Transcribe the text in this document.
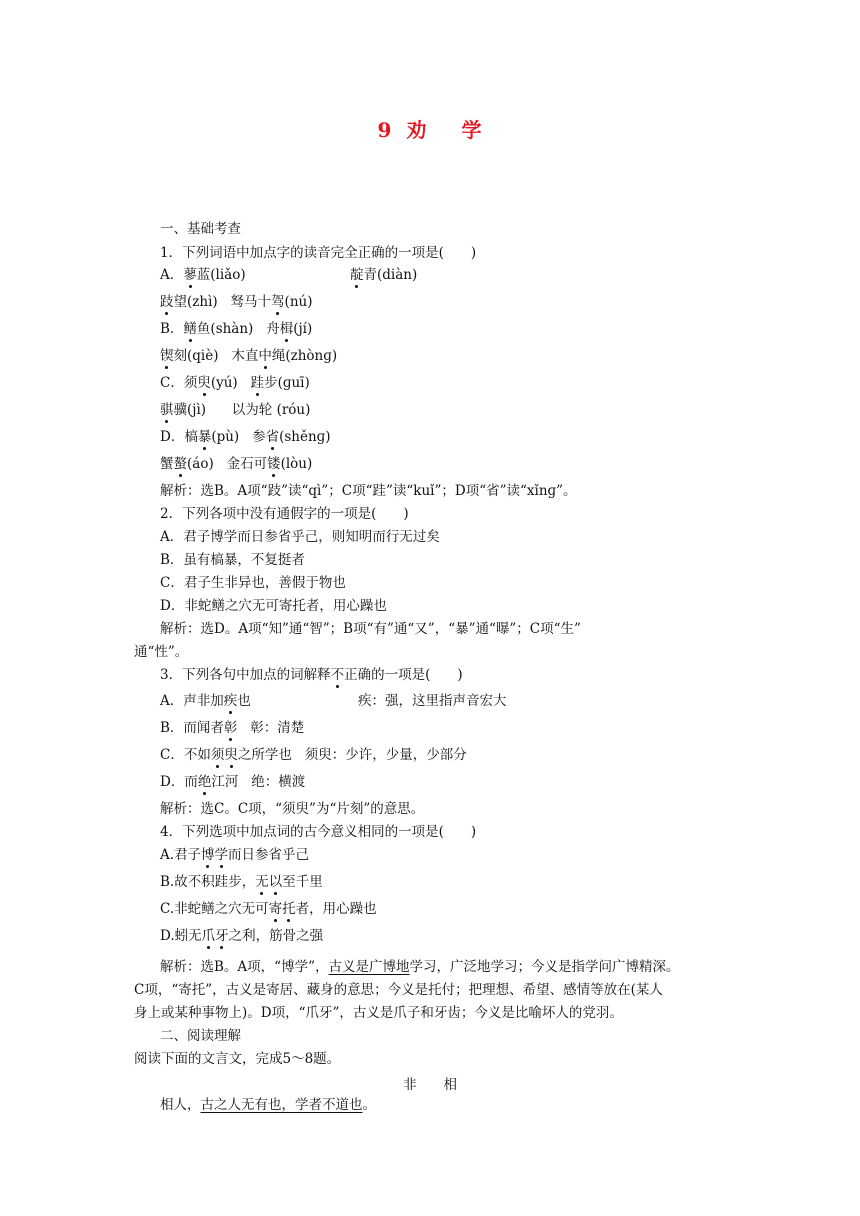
9 劝 学
一、基础考查
1．下列词语中加点字的读音完全正确的一项是(　　)
A．蓼蓝(liǎo)	靛青(diàn)
跂望(zhì) 驽马十驾(nú)
B．鳝鱼(shàn) 舟楫(jí)
锲刻(qiè) 木直中绳(zhònɡ)
C．须臾(yú) 跬步(ɡuī)
骐骥(jì) 以为轮 (róu)
D．槁暴(pù) 参省(shěnɡ)
蟹螯(áo) 金石可镂(lòu)
解析：选B。A项“跂”读“qì”；C项“跬”读“kuǐ”；D项“省”读“xǐnɡ”。
2．下列各项中没有通假字的一项是(　　)
A．君子博学而日参省乎己，则知明而行无过矣
B．虽有槁暴，不复挺者
C．君子生非异也，善假于物也
D．非蛇鳝之穴无可寄托者，用心躁也
解析：选D。A项“知”通“智”；B项“有”通“又”，“暴”通“曝”；C项“生”
通“性”。
3．下列各句中加点的词解释不正确的一项是(　　)
A．声非加疾也	疾：强，这里指声音宏大
B．而闻者彰 彰：清楚
C．不如须臾之所学也 须臾：少许，少量，少部分
D．而绝江河 绝：横渡
解析：选C。C项，“须臾”为“片刻”的意思。
4．下列选项中加点词的古今意义相同的一项是(　　)
A.君子博学而日参省乎己
B.故不积跬步，无以至千里
C.非蛇鳝之穴无可寄托者，用心躁也
D.蚓无爪牙之利，筋骨之强
解析：选B。A项，“博学”，古义是广博地学习，广泛地学习；今义是指学问广博精深。
C项，“寄托”，古义是寄居、藏身的意思；今义是托付；把理想、希望、感情等放在(某人
身上或某种事物上)。D项，“爪牙”，古义是爪子和牙齿；今义是比喻坏人的党羽。
二、阅读理解
阅读下面的文言文，完成5～8题。
非　　相
相人，古之人无有也，学者不道也。
